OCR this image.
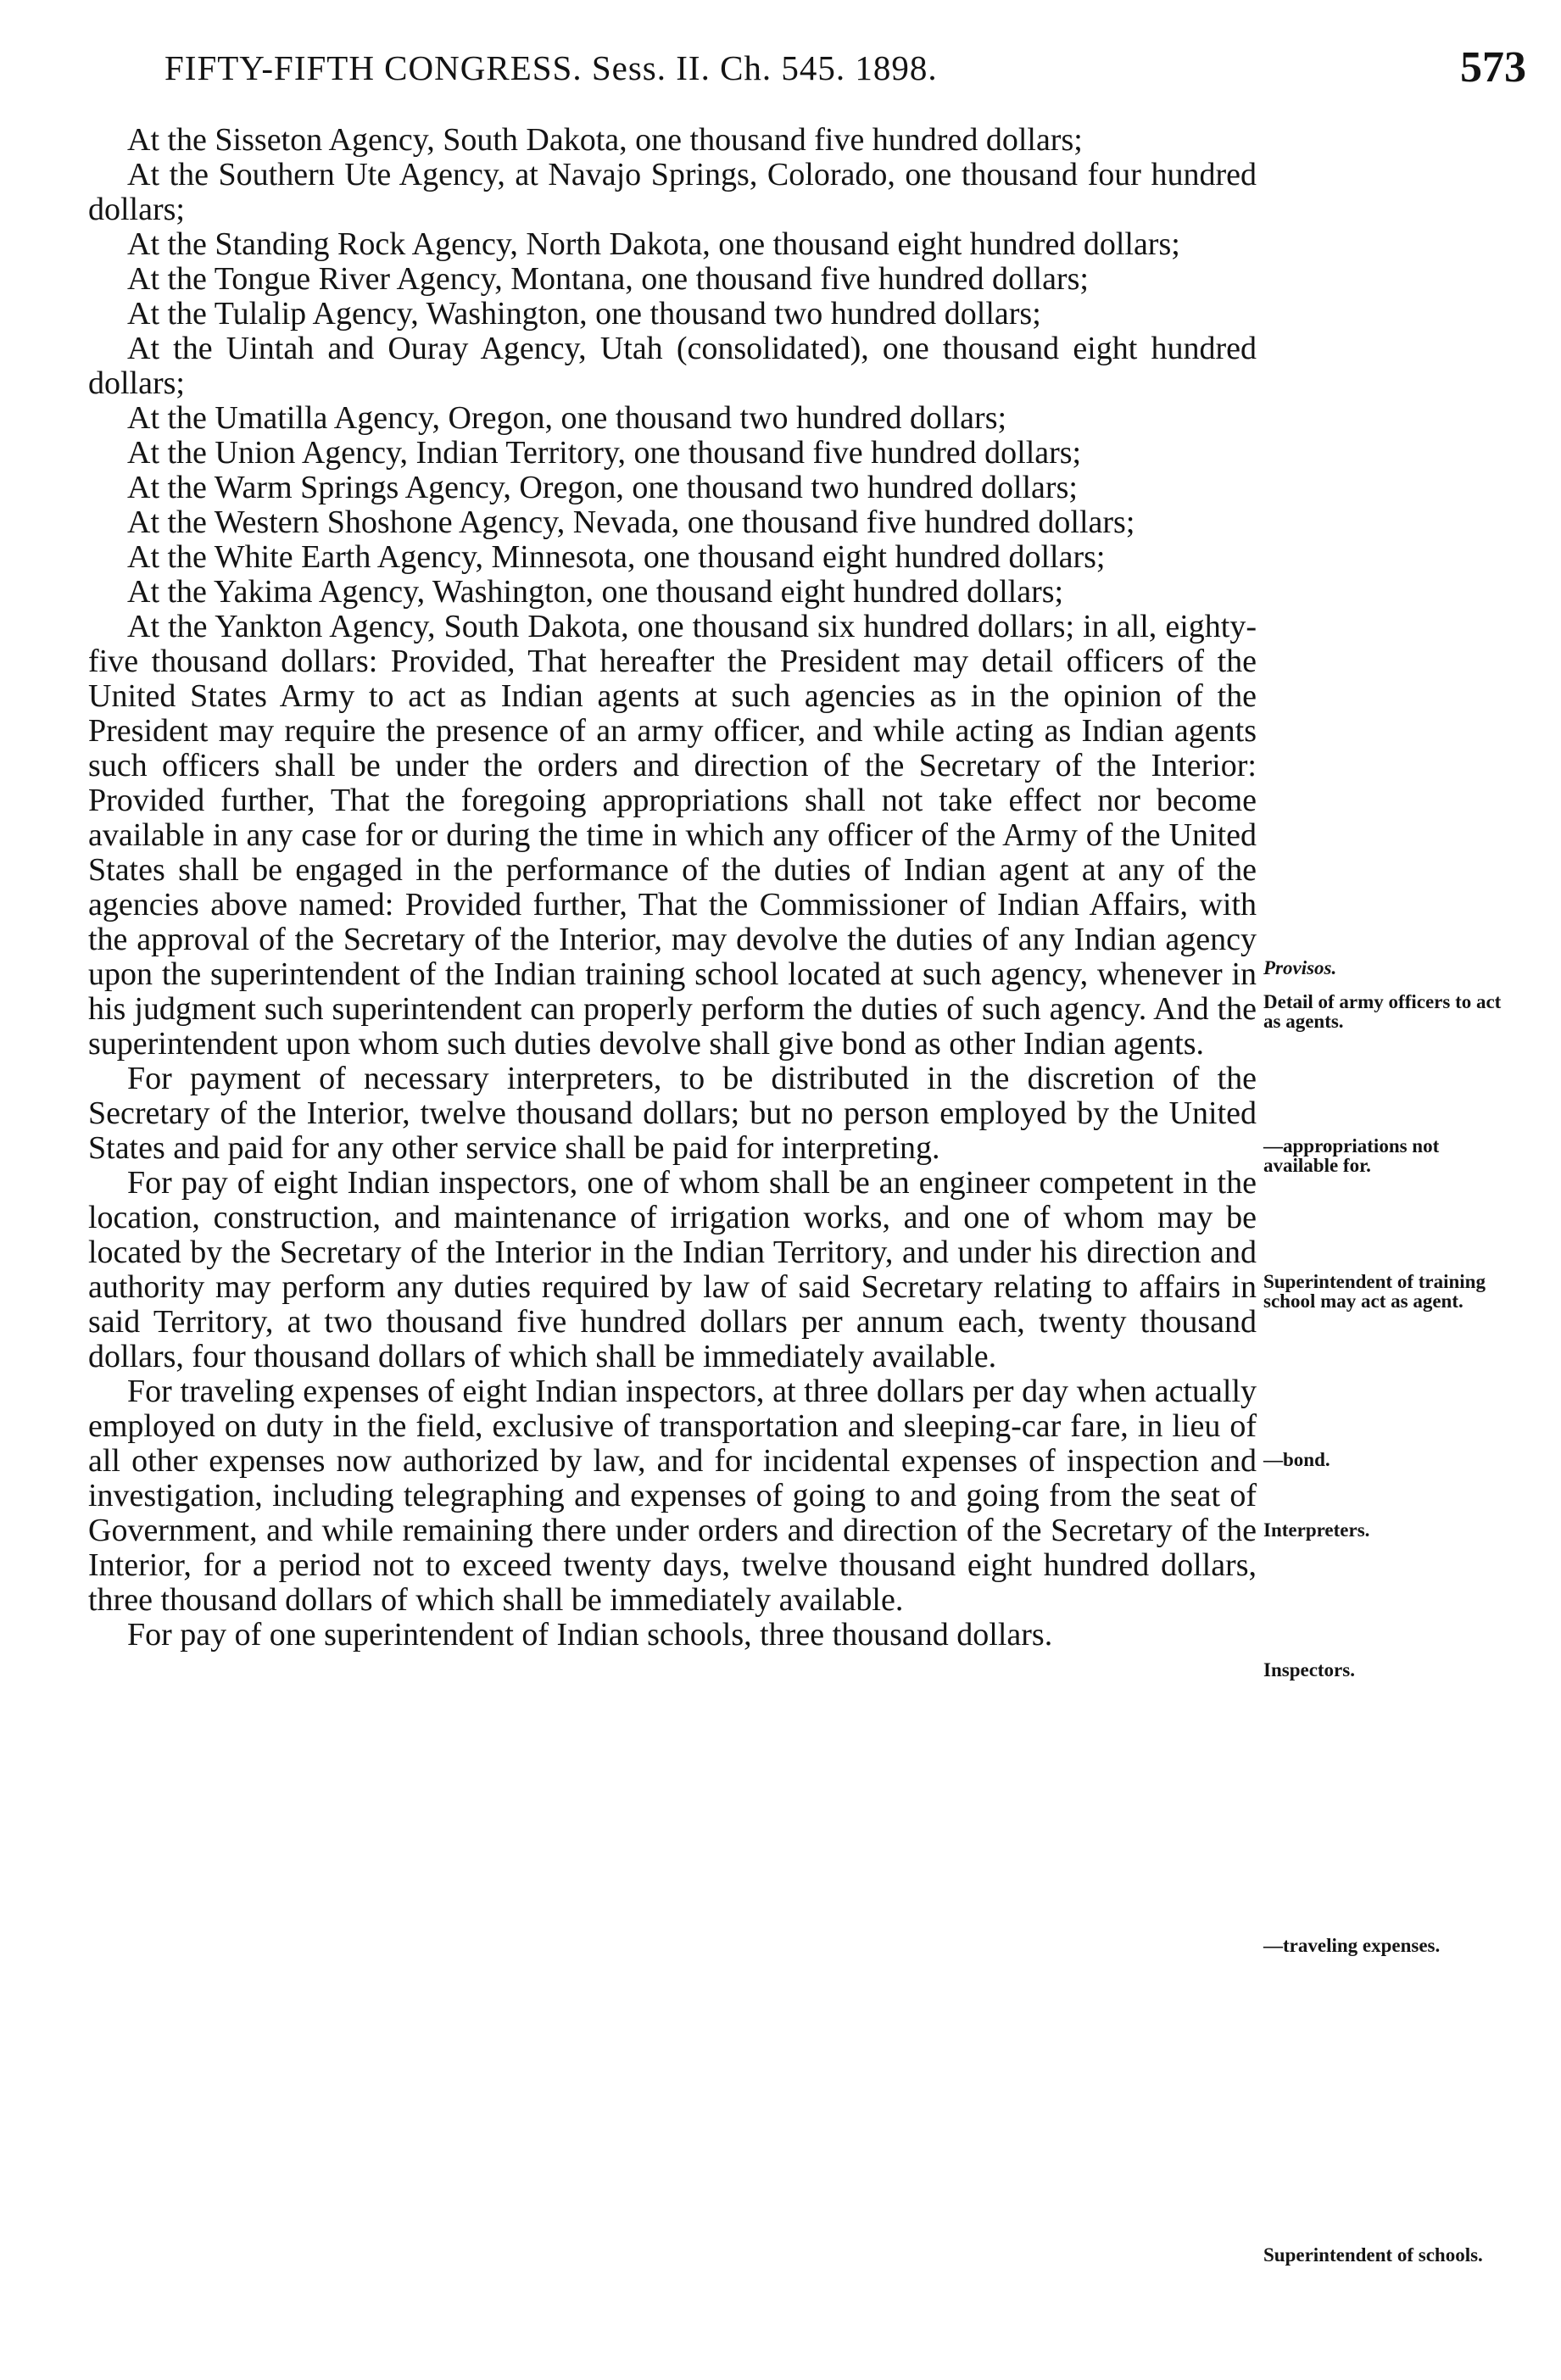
FIFTY-FIFTH CONGRESS. Sess. II. Ch. 545. 1898.	573

At the Sisseton Agency, South Dakota, one thousand five hundred dollars;

At the Southern Ute Agency, at Navajo Springs, Colorado, one thousand four hundred dollars;

At the Standing Rock Agency, North Dakota, one thousand eight hundred dollars;

At the Tongue River Agency, Montana, one thousand five hundred dollars;

At the Tulalip Agency, Washington, one thousand two hundred dollars;

At the Uintah and Ouray Agency, Utah (consolidated), one thousand eight hundred dollars;

At the Umatilla Agency, Oregon, one thousand two hundred dollars;

At the Union Agency, Indian Territory, one thousand five hundred dollars;

At the Warm Springs Agency, Oregon, one thousand two hundred dollars;

At the Western Shoshone Agency, Nevada, one thousand five hundred dollars;

At the White Earth Agency, Minnesota, one thousand eight hundred dollars;

At the Yakima Agency, Washington, one thousand eight hundred dollars;

At the Yankton Agency, South Dakota, one thousand six hundred dollars; in all, eighty-five thousand dollars: Provided, That hereafter the President may detail officers of the United States Army to act as Indian agents at such agencies as in the opinion of the President may require the presence of an army officer, and while acting as Indian agents such officers shall be under the orders and direction of the Secretary of the Interior: Provided further, That the foregoing appropriations shall not take effect nor become available in any case for or during the time in which any officer of the Army of the United States shall be engaged in the performance of the duties of Indian agent at any of the agencies above named: Provided further, That the Commissioner of Indian Affairs, with the approval of the Secretary of the Interior, may devolve the duties of any Indian agency upon the superintendent of the Indian training school located at such agency, whenever in his judgment such superintendent can properly perform the duties of such agency. And the superintendent upon whom such duties devolve shall give bond as other Indian agents.

For payment of necessary interpreters, to be distributed in the discretion of the Secretary of the Interior, twelve thousand dollars; but no person employed by the United States and paid for any other service shall be paid for interpreting.

For pay of eight Indian inspectors, one of whom shall be an engineer competent in the location, construction, and maintenance of irrigation works, and one of whom may be located by the Secretary of the Interior in the Indian Territory, and under his direction and authority may perform any duties required by law of said Secretary relating to affairs in said Territory, at two thousand five hundred dollars per annum each, twenty thousand dollars, four thousand dollars of which shall be immediately available.

For traveling expenses of eight Indian inspectors, at three dollars per day when actually employed on duty in the field, exclusive of transportation and sleeping-car fare, in lieu of all other expenses now authorized by law, and for incidental expenses of inspection and investigation, including telegraphing and expenses of going to and going from the seat of Government, and while remaining there under orders and direction of the Secretary of the Interior, for a period not to exceed twenty days, twelve thousand eight hundred dollars, three thousand dollars of which shall be immediately available.

For pay of one superintendent of Indian schools, three thousand dollars.

Provisos.
Detail of army officers to act as agents.
—appropriations not available for.
Superintendent of training school may act as agent.
—bond.
Interpreters.
Inspectors.
—traveling expenses.
Superintendent of schools.
